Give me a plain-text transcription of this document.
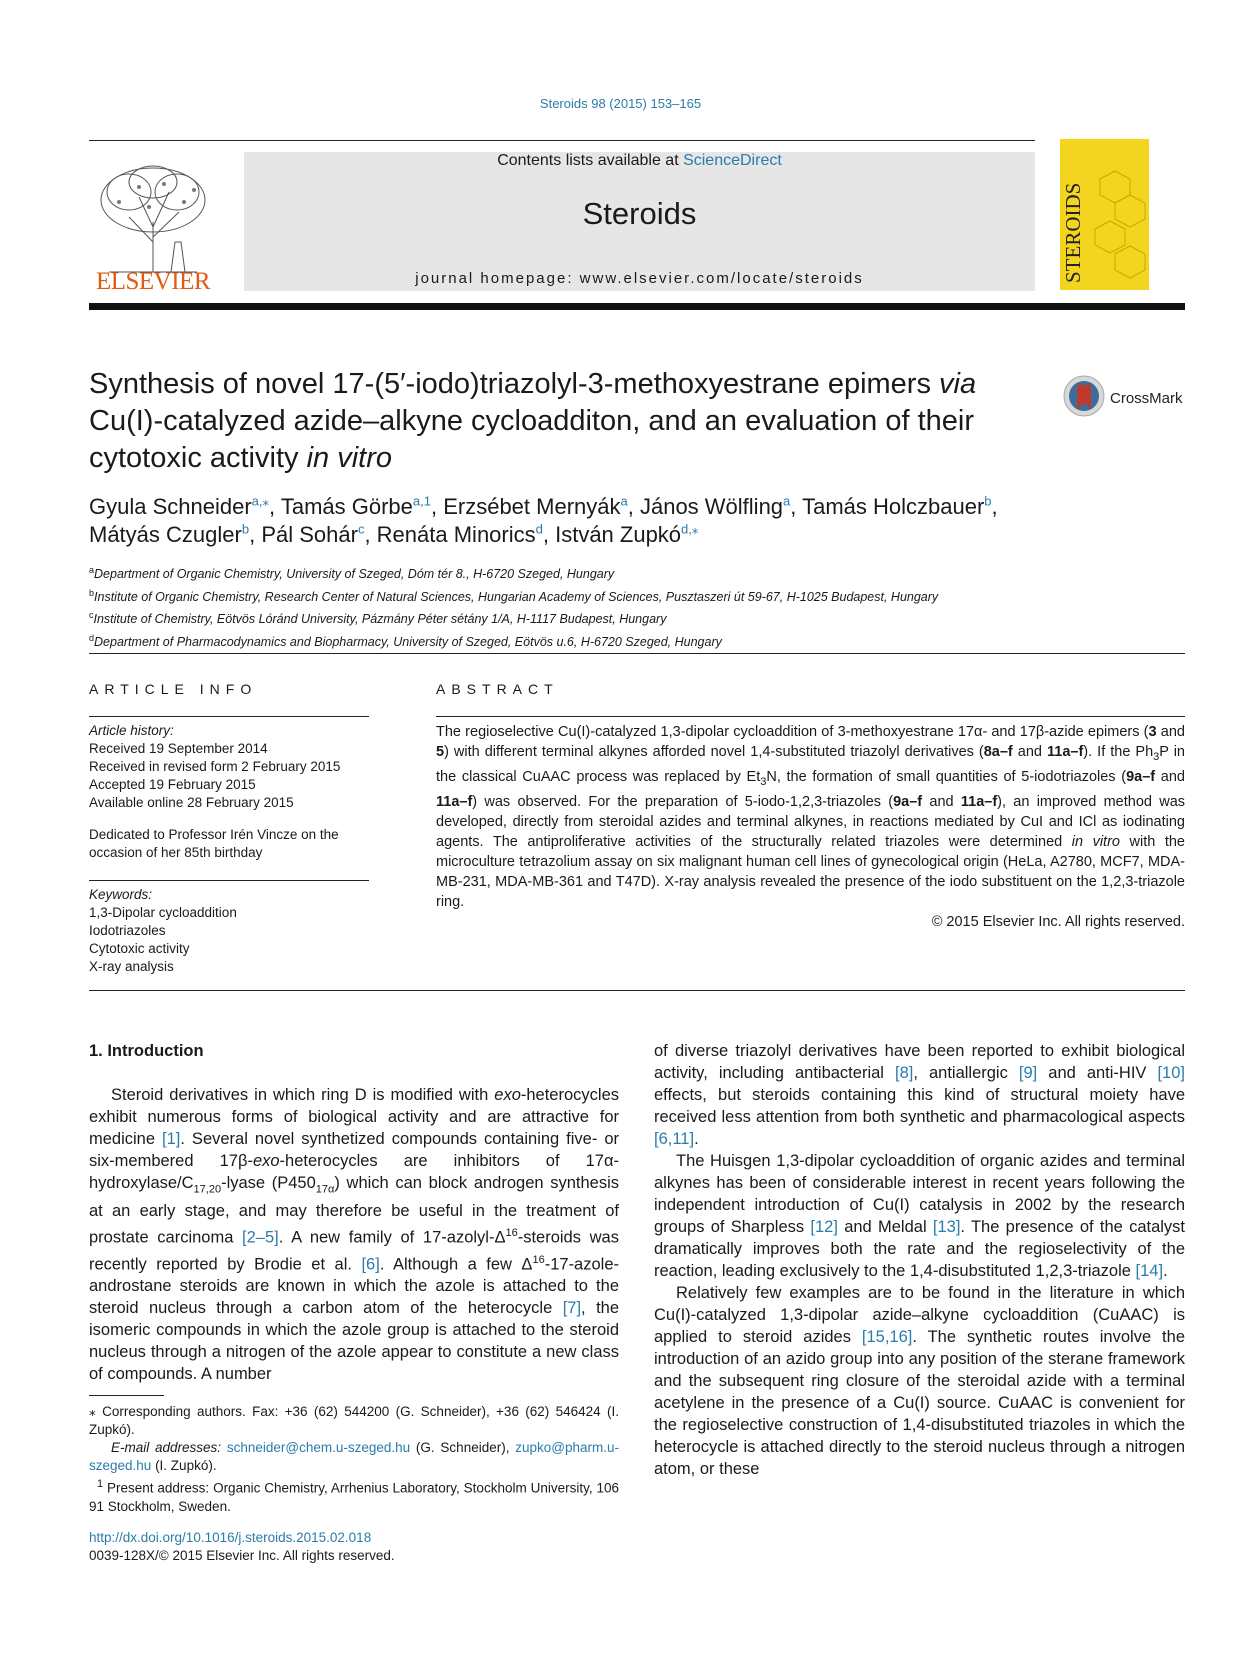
Steroids 98 (2015) 153–165
ELSEVIER
Contents lists available at ScienceDirect
Steroids
journal homepage: www.elsevier.com/locate/steroids	STEROIDS
Synthesis of novel 17-(5′-iodo)triazolyl-3-methoxyestrane epimers via Cu(I)-catalyzed azide–alkyne cycloadditon, and an evaluation of their cytotoxic activity in vitro
CrossMark
Gyula Schneider$^{a,⁎}$, Tamás Görbe$^{a,1}$, Erzsébet Mernyák$^a$, János Wölfling$^a$, Tamás Holczbauer$^b$,
Mátyás Czugler$^b$, Pál Sohár$^c$, Renáta Minorics$^d$, István Zupkó$^{d,⁎}$
$^a$Department of Organic Chemistry, University of Szeged, Dóm tér 8., H-6720 Szeged, Hungary
$^b$Institute of Organic Chemistry, Research Center of Natural Sciences, Hungarian Academy of Sciences, Pusztaszeri út 59-67, H-1025 Budapest, Hungary
$^c$Institute of Chemistry, Eötvös Lóránd University, Pázmány Péter sétány 1/A, H-1117 Budapest, Hungary
$^d$Department of Pharmacodynamics and Biopharmacy, University of Szeged, Eötvös u.6, H-6720 Szeged, Hungary
ARTICLE INFO	ABSTRACT
Article history:
Received 19 September 2014
Received in revised form 2 February 2015
Accepted 19 February 2015
Available online 28 February 2015
Dedicated to Professor Irén Vincze on the occasion of her 85th birthday
Keywords:
1,3-Dipolar cycloaddition
Iodotriazoles
Cytotoxic activity
X-ray analysis
The regioselective Cu(I)-catalyzed 1,3-dipolar cycloaddition of 3-methoxyestrane 17α- and 17β-azide epimers (3 and 5) with different terminal alkynes afforded novel 1,4-substituted triazolyl derivatives (8a–f and 11a–f). If the $Ph_3P$ in the classical CuAAC process was replaced by $Et_3N$, the formation of small quantities of 5-iodotriazoles (9a–f and 11a–f) was observed. For the preparation of 5-iodo-1,2,3-triazoles (9a–f and 11a–f), an improved method was developed, directly from steroidal azides and terminal alkynes, in reactions mediated by CuI and ICl as iodinating agents. The antiproliferative activities of the structurally related triazoles were determined in vitro with the microculture tetrazolium assay on six malignant human cell lines of gynecological origin (HeLa, A2780, MCF7, MDA-MB-231, MDA-MB-361 and T47D). X-ray analysis revealed the presence of the iodo substituent on the 1,2,3-triazole ring.
© 2015 Elsevier Inc. All rights reserved.
1. Introduction

Steroid derivatives in which ring D is modified with exo-heterocycles exhibit numerous forms of biological activity and are attractive for medicine [1]. Several novel synthetized compounds containing five- or six-membered 17β-exo-heterocycles are inhibitors of $17\alpha-hydroxylase/C_{17,20}$-lyase $(P450_{17\alpha})$ which can block androgen synthesis at an early stage, and may therefore be useful in the treatment of prostate carcinoma [2–5]. A new family of $17-azolyl-\Delta^{16}$-steroids was recently reported by Brodie et al. [6]. Although a few $\Delta^{16}-17-azole$-androstane steroids are known in which the azole is attached to the steroid nucleus through a carbon atom of the heterocycle [7], the isomeric compounds in which the azole group is attached to the steroid nucleus through a nitrogen of the azole appear to constitute a new class of compounds. A number

of diverse triazolyl derivatives have been reported to exhibit biological activity, including antibacterial [8], antiallergic [9] and anti-HIV [10] effects, but steroids containing this kind of structural moiety have received less attention from both synthetic and pharmacological aspects [6,11].

The Huisgen 1,3-dipolar cycloaddition of organic azides and terminal alkynes has been of considerable interest in recent years following the independent introduction of Cu(I) catalysis in 2002 by the research groups of Sharpless [12] and Meldal [13]. The presence of the catalyst dramatically improves both the rate and the regioselectivity of the reaction, leading exclusively to the 1,4-disubstituted 1,2,3-triazole [14].

Relatively few examples are to be found in the literature in which Cu(I)-catalyzed 1,3-dipolar azide–alkyne cycloaddition (CuAAC) is applied to steroid azides [15,16]. The synthetic routes involve the introduction of an azido group into any position of the sterane framework and the subsequent ring closure of the steroidal azide with a terminal acetylene in the presence of a Cu(I) source. CuAAC is convenient for the regioselective construction of 1,4-disubstituted triazoles in which the heterocycle is attached directly to the steroid nucleus through a nitrogen atom, or these

⁎ Corresponding authors. Fax: +36 (62) 544200 (G. Schneider), +36 (62) 546424 (I. Zupkó).

E-mail addresses: schneider@chem.u-szeged.hu (G. Schneider), zupko@pharm.u-szeged.hu (I. Zupkó).

$^1$ Present address: Organic Chemistry, Arrhenius Laboratory, Stockholm University, 106 91 Stockholm, Sweden.

http://dx.doi.org/10.1016/j.steroids.2015.02.018
0039-128X/© 2015 Elsevier Inc. All rights reserved.
